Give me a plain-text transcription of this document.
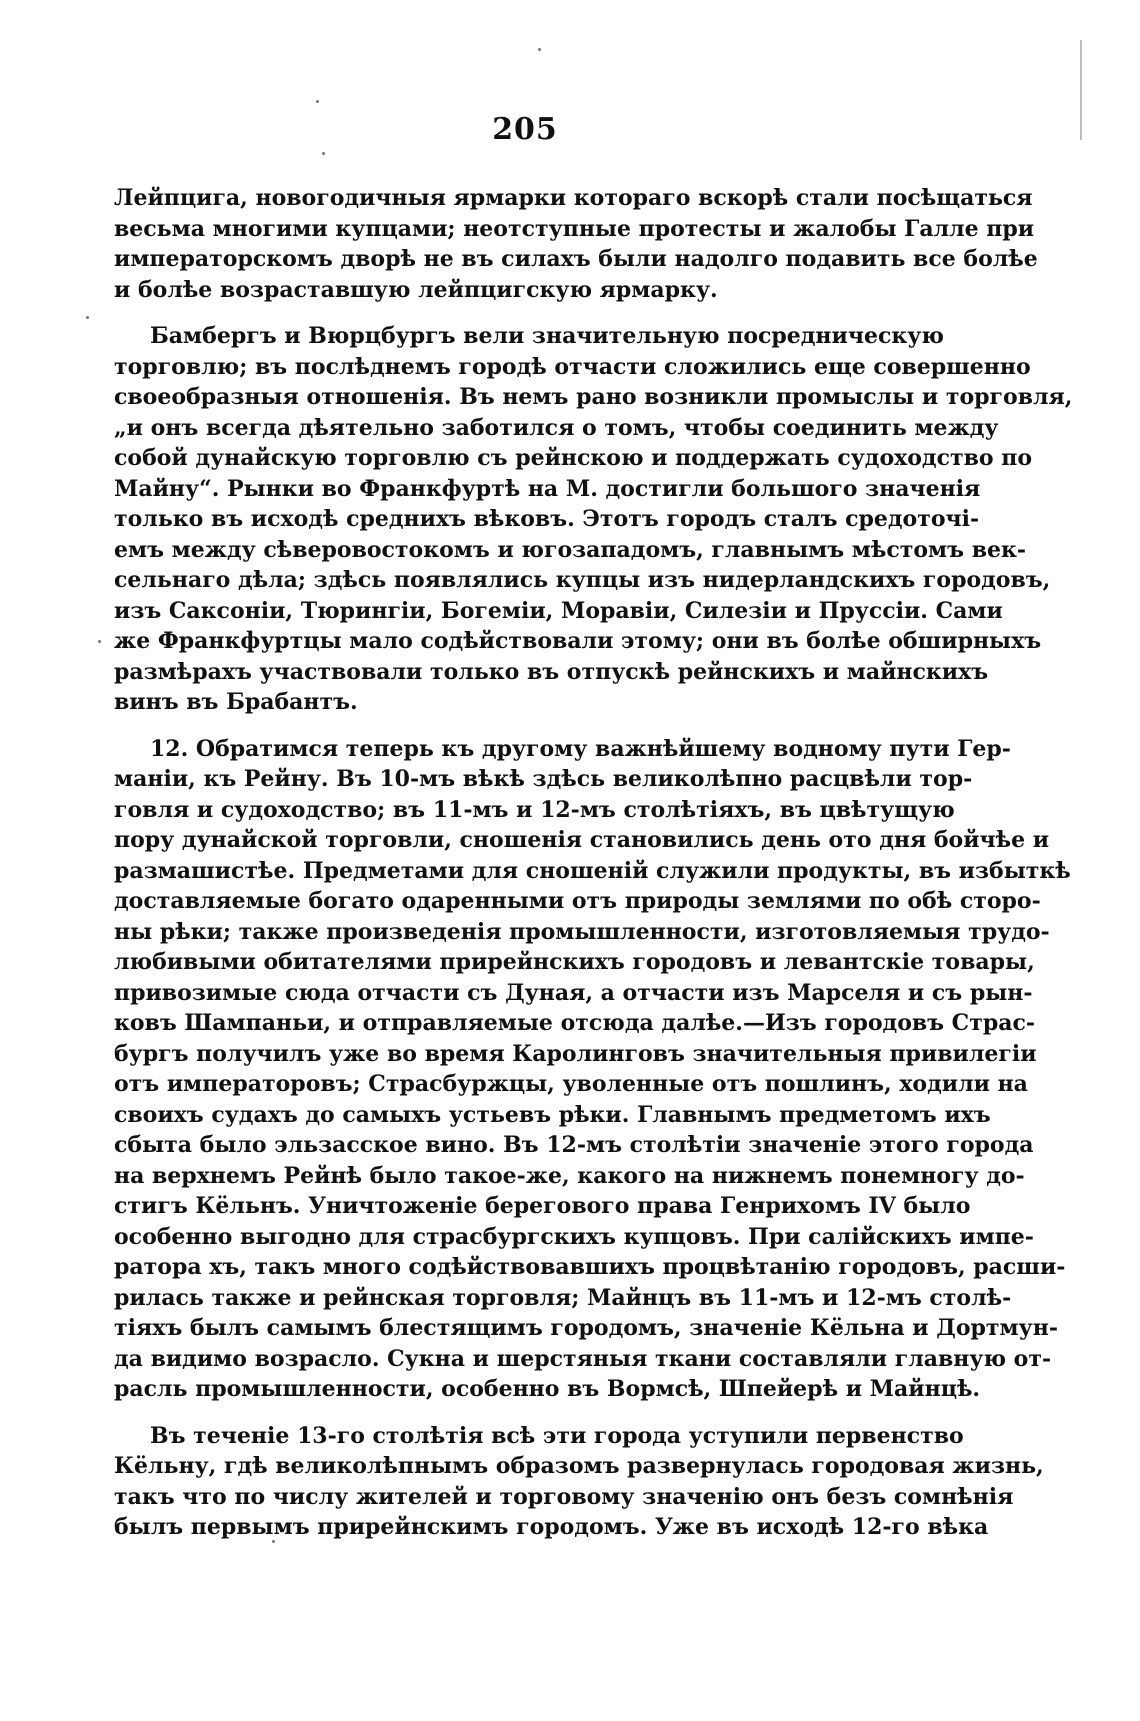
205
Лейпцига, новогодичныя ярмарки котораго вскорѣ стали посѣщаться
весьма многими купцами; неотступные протесты и жалобы Галле при
императорскомъ дворѣ не въ силахъ были надолго подавить все болѣе
и болѣе возраставшую лейпцигскую ярмарку.
Бамбергъ и Вюрцбургъ вели значительную посредническую
торговлю; въ послѣднемъ городѣ отчасти сложились еще совершенно
своеобразныя отношенія. Въ немъ рано возникли промыслы и торговля,
„и онъ всегда дѣятельно заботился о томъ, чтобы соединить между
собой дунайскую торговлю съ рейнскою и поддержать судоходство по
Майну“. Рынки во Франкфуртѣ на М. достигли большого значенія
только въ исходѣ среднихъ вѣковъ. Этотъ городъ сталъ средоточі-
емъ между сѣверовостокомъ и югозападомъ, главнымъ мѣстомъ век-
сельнаго дѣла; здѣсь появлялись купцы изъ нидерландскихъ городовъ,
изъ Саксоніи, Тюрингіи, Богеміи, Моравіи, Силезіи и Пруссіи. Сами
же Франкфуртцы мало содѣйствовали этому; они въ болѣе обширныхъ
размѣрахъ участвовали только въ отпускѣ рейнскихъ и майнскихъ
винъ въ Брабантъ.
12. Обратимся теперь къ другому важнѣйшему водному пути Гер-
маніи, къ Рейну. Въ 10-мъ вѣкѣ здѣсь великолѣпно расцвѣли тор-
говля и судоходство; въ 11-мъ и 12-мъ столѣтіяхъ, въ цвѣтущую
пору дунайской торговли, сношенія становились день ото дня бойчѣе и
размашистѣе. Предметами для сношеній служили продукты, въ избыткѣ
доставляемые богато одаренными отъ природы землями по обѣ сторо-
ны рѣки; также произведенія промышленности, изготовляемыя трудо-
любивыми обитателями прирейнскихъ городовъ и левантскіе товары,
привозимые сюда отчасти съ Дуная, а отчасти изъ Марселя и съ рын-
ковъ Шампаньи, и отправляемые отсюда далѣе.—Изъ городовъ Страс-
бургъ получилъ уже во время Каролинговъ значительныя привилегіи
отъ императоровъ; Страсбуржцы, уволенные отъ пошлинъ, ходили на
своихъ судахъ до самыхъ устьевъ рѣки. Главнымъ предметомъ ихъ
сбыта было эльзасское вино. Въ 12-мъ столѣтіи значеніе этого города
на верхнемъ Рейнѣ было такое-же, какого на нижнемъ понемногу до-
стигъ Кёльнъ. Уничтоженіе берегового права Генрихомъ IV было
особенно выгодно для страсбургскихъ купцовъ. При салійскихъ импе-
ратора хъ, такъ много содѣйствовавшихъ процвѣтанію городовъ, расши-
рилась также и рейнская торговля; Майнцъ въ 11-мъ и 12-мъ столѣ-
тіяхъ былъ самымъ блестящимъ городомъ, значеніе Кёльна и Дортмун-
да видимо возрасло. Сукна и шерстяныя ткани составляли главную от-
расль промышленности, особенно въ Вормсѣ, Шпейерѣ и Майнцѣ.
Въ теченіе 13-го столѣтія всѣ эти города уступили первенство
Кёльну, гдѣ великолѣпнымъ образомъ развернулась городовая жизнь,
такъ что по числу жителей и торговому значенію онъ безъ сомнѣнія
былъ первымъ прирейнскимъ городомъ. Уже въ исходѣ 12-го вѣка
